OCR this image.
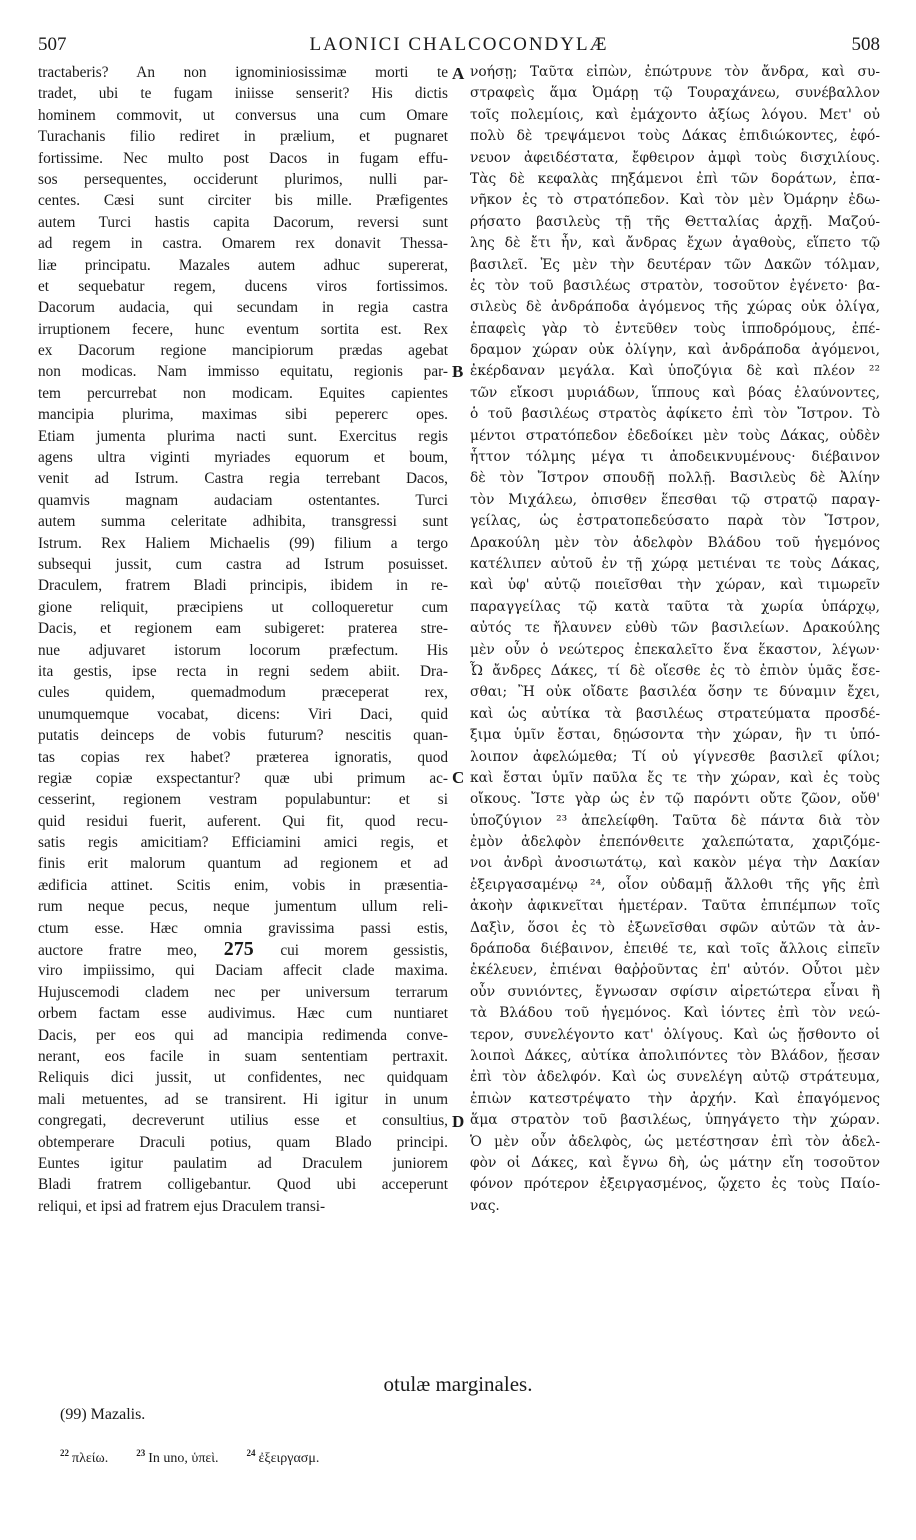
507	LAONICI CHALCOCONDYLÆ	508
tractaberis? An non ignominiosissimæ morti te
tradet, ubi te fugam iniisse senserit? His dictis
hominem commovit, ut conversus una cum Omare
Turachanis filio rediret in prælium, et pugnaret
fortissime. Nec multo post Dacos in fugam effu-
sos persequentes, occiderunt plurimos, nulli par-
centes. Cæsi sunt circiter bis mille. Præfigentes
autem Turci hastis capita Dacorum, reversi sunt
ad regem in castra. Omarem rex donavit Thessa-
liæ principatu. Mazales autem adhuc supererat,
et sequebatur regem, ducens viros fortissimos.
Dacorum audacia, qui secundam in regia castra
irruptionem fecere, hunc eventum sortita est. Rex
ex Dacorum regione mancipiorum prædas agebat
non modicas. Nam immisso equitatu, regionis par-
tem percurrebat non modicam. Equites capientes
mancipia plurima, maximas sibi pepererc opes.
Etiam jumenta plurima nacti sunt. Exercitus regis
agens ultra viginti myriades equorum et boum,
venit ad Istrum. Castra regia terrebant Dacos,
quamvis magnam audaciam ostentantes. Turci
autem summa celeritate adhibita, transgressi sunt
Istrum. Rex Haliem Michaelis (99) filium a tergo
subsequi jussit, cum castra ad Istrum posuisset.
Draculem, fratrem Bladi principis, ibidem in re-
gione reliquit, præcipiens ut colloqueretur cum
Dacis, et regionem eam subigeret: praterea stre-
nue adjuvaret istorum locorum præfectum. His
ita gestis, ipse recta in regni sedem abiit. Dra-
cules quidem, quemadmodum præceperat rex,
unumquemque vocabat, dicens: Viri Daci, quid
putatis deinceps de vobis futurum? nescitis quan-
tas copias rex habet? præterea ignoratis, quod
regiæ copiæ exspectantur? quæ ubi primum ac-
cesserint, regionem vestram populabuntur: et si
quid residui fuerit, auferent. Qui fit, quod recu-
satis regis amicitiam? Efficiamini amici regis, et
finis erit malorum quantum ad regionem et ad
ædificia attinet. Scitis enim, vobis in præsentia-
rum neque pecus, neque jumentum ullum reli-
ctum esse. Hæc omnia gravissima passi estis,
auctore fratre meo, 275 cui morem gessistis,
viro impiissimo, qui Daciam affecit clade maxima.
Hujuscemodi cladem nec per universum terrarum
orbem factam esse audivimus. Hæc cum nuntiaret
Dacis, per eos qui ad mancipia redimenda conve-
nerant, eos facile in suam sententiam pertraxit.
Reliquis dici jussit, ut confidentes, nec quidquam
mali metuentes, ad se transirent. Hi igitur in unum
congregati, decreverunt utilius esse et consultius,
obtemperare Draculi potius, quam Blado principi.
Euntes igitur paulatim ad Draculem juniorem
Bladi fratrem colligebantur. Quod ubi acceperunt
reliqui, et ipsi ad fratrem ejus Draculem transi-
νοήσῃ; Ταῦτα εἰπὼν, ἐπώτρυνε τὸν ἄνδρα, καὶ συ-
στραφεὶς ἅμα Ὀμάρῃ τῷ Τουραχάνεω, συνέβαλλον
τοῖς πολεμίοις, καὶ ἐμάχοντο ἀξίως λόγου. Μετ' οὐ
πολὺ δὲ τρεψάμενοι τοὺς Δάκας ἐπιδιώκοντες, ἐφό-
νευον ἀφειδέστατα, ἔφθειρον ἀμφὶ τοὺς δισχιλίους.
Τὰς δὲ κεφαλὰς πηξάμενοι ἐπὶ τῶν δοράτων, ἐπα-
νῆκον ἐς τὸ στρατόπεδον. Καὶ τὸν μὲν Ὀμάρην ἐδω-
ρήσατο βασιλεὺς τῇ τῆς Θετταλίας ἀρχῇ. Μαζού-
λης δὲ ἔτι ἦν, καὶ ἄνδρας ἔχων ἀγαθοὺς, εἵπετο τῷ
βασιλεῖ. Ἐς μὲν τὴν δευτέραν τῶν Δακῶν τόλμαν,
ἐς τὸν τοῦ βασιλέως στρατὸν, τοσοῦτον ἐγένετο· βα-
σιλεὺς δὲ ἀνδράποδα ἀγόμενος τῆς χώρας οὐκ ὀλίγα,
ἐπαφεὶς γὰρ τὸ ἐντεῦθεν τοὺς ἱπποδρόμους, ἐπέ-
δραμον χώραν οὐκ ὀλίγην, καὶ ἀνδράποδα ἀγόμενοι,
ἐκέρδαναν μεγάλα. Καὶ ὑποζύγια δὲ καὶ πλέον ²²
τῶν εἴκοσι μυριάδων, ἵππους καὶ βόας ἐλαύνοντες,
ὁ τοῦ βασιλέως στρατὸς ἀφίκετο ἐπὶ τὸν Ἴστρον. Τὸ
μέντοι στρατόπεδον ἐδεδοίκει μὲν τοὺς Δάκας, οὐδὲν
ἧττον τόλμης μέγα τι ἀποδεικνυμένους· διέβαινον
δὲ τὸν Ἴστρον σπουδῇ πολλῇ. Βασιλεὺς δὲ Ἀλίην
τὸν Μιχάλεω, ὀπισθεν ἕπεσθαι τῷ στρατῷ παραγ-
γείλας, ὡς ἐστρατοπεδεύσατο παρὰ τὸν Ἴστρον,
Δρακούλη μὲν τὸν ἀδελφὸν Βλάδου τοῦ ἡγεμόνος
κατέλιπεν αὐτοῦ ἐν τῇ χώρᾳ μετιέναι τε τοὺς Δάκας,
καὶ ὑφ' αὐτῷ ποιεῖσθαι τὴν χώραν, καὶ τιμωρεῖν
παραγγείλας τῷ κατὰ ταῦτα τὰ χωρία ὑπάρχῳ,
αὐτός τε ἤλαυνεν εὐθὺ τῶν βασιλείων. Δρακούλης
μὲν οὖν ὁ νεώτερος ἐπεκαλεῖτο ἕνα ἕκαστον, λέγων·
Ὦ ἄνδρες Δάκες, τί δὲ οἴεσθε ἐς τὸ ἐπιὸν ὑμᾶς ἔσε-
σθαι; Ἢ οὐκ οἴδατε βασιλέα ὅσην τε δύναμιν ἔχει,
καὶ ὡς αὐτίκα τὰ βασιλέως στρατεύματα προσδέ-
ξιμα ὑμῖν ἔσται, δῃώσοντα τὴν χώραν, ἣν τι ὑπό-
λοιπον ἀφελώμεθα; Τί οὐ γίγνεσθε βασιλεῖ φίλοι;
καὶ ἔσται ὑμῖν παῦλα ἔς τε τὴν χώραν, καὶ ἐς τοὺς
οἴκους. Ἴστε γὰρ ὡς ἐν τῷ παρόντι οὔτε ζῶον, οὔθ'
ὑποζύγιον ²³ ἀπελείφθη. Ταῦτα δὲ πάντα διὰ τὸν
ἐμὸν ἀδελφὸν ἐπεπόνθειτε χαλεπώτατα, χαριζόμε-
νοι ἀνδρὶ ἀνοσιωτάτῳ, καὶ κακὸν μέγα τὴν Δακίαν
ἐξειργασαμένῳ ²⁴, οἷον οὐδαμῇ ἄλλοθι τῆς γῆς ἐπὶ
ἀκοὴν ἀφικνεῖται ἡμετέραν. Ταῦτα ἐπιπέμπων τοῖς
Δαξὶν, ὅσοι ἐς τὸ ἐξωνεῖσθαι σφῶν αὐτῶν τὰ ἀν-
δράποδα διέβαινον, ἐπειθέ τε, καὶ τοῖς ἄλλοις εἰπεῖν
ἐκέλευεν, ἐπιέναι θαῤῥοῦντας ἐπ' αὐτόν. Οὗτοι μὲν
οὖν συνιόντες, ἔγνωσαν σφίσιν αἱρετώτερα εἶναι ἢ
τὰ Βλάδου τοῦ ἡγεμόνος. Καὶ ἰόντες ἐπὶ τὸν νεώ-
τερον, συνελέγοντο κατ' ὀλίγους. Καὶ ὡς ᾔσθοντο οἱ
λοιποὶ Δάκες, αὐτίκα ἀπολιπόντες τὸν Βλάδον, ᾔεσαν
ἐπὶ τὸν ἀδελφόν. Καὶ ὡς συνελέγη αὐτῷ στράτευμα,
ἐπιὼν κατεστρέψατο τὴν ἀρχήν. Καὶ ἐπαγόμενος
ἅμα στρατὸν τοῦ βασιλέως, ὑπηγάγετο τὴν χώραν.
Ὁ μὲν οὖν ἀδελφὸς, ὡς μετέστησαν ἐπὶ τὸν ἀδελ-
φὸν οἱ Δάκες, καὶ ἔγνω δὴ, ὡς μάτην εἴη τοσοῦτον
φόνον πρότερον ἐξειργασμένος, ᾤχετο ἐς τοὺς Παίο-
νας.
A
B
C
D
otulæ marginales.
(99) Mazalis.
$^{22}$ πλείω.	$^{23}$ In uno, ὑπεὶ.	$^{24}$ ἐξειργασμ.
